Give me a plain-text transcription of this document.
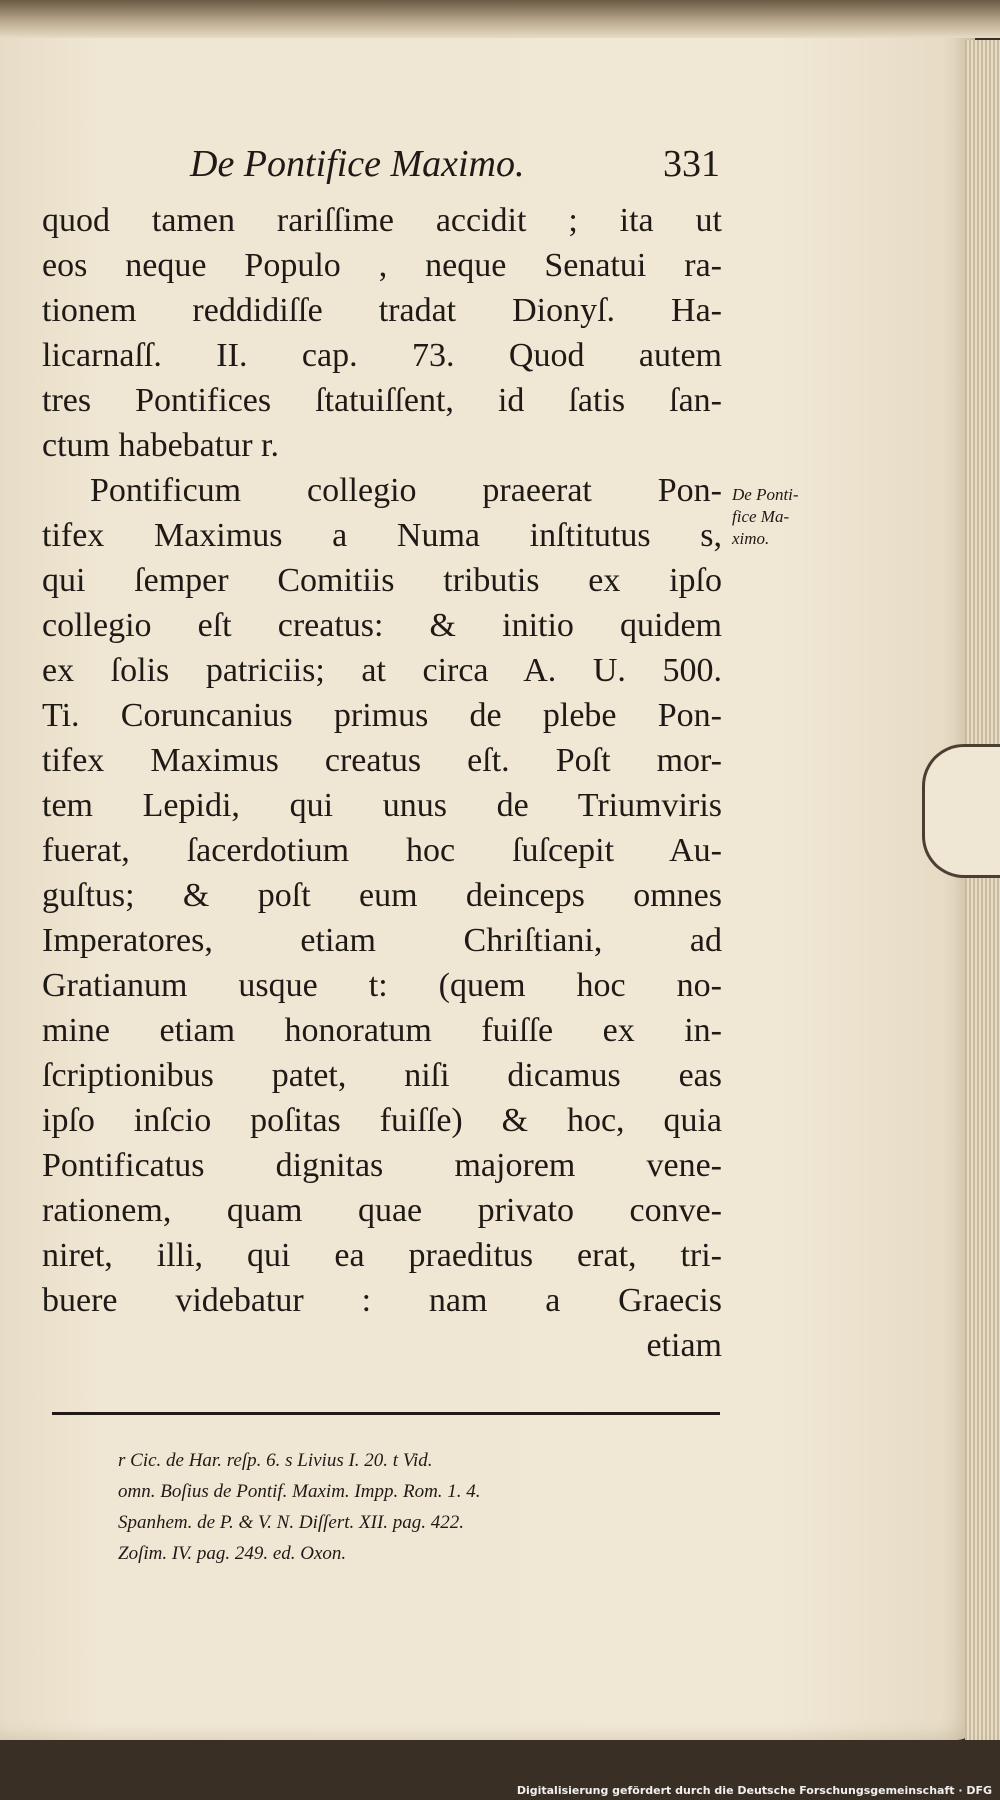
De Pontifice Maximo.	331
quod tamen rariſſime accidit ; ita ut
eos neque Populo , neque Senatui ra-
tionem reddidiſſe tradat Dionyſ. Ha-
licarnaſſ. II. cap. 73. Quod autem
tres Pontifices ſtatuiſſent, id ſatis ſan-
ctum habebatur r.
Pontificum collegio praeerat Pon-
tifex Maximus a Numa inſtitutus s,
qui ſemper Comitiis tributis ex ipſo
collegio eſt creatus: & initio quidem
ex ſolis patriciis; at circa A. U. 500.
Ti. Coruncanius primus de plebe Pon-
tifex Maximus creatus eſt. Poſt mor-
tem Lepidi, qui unus de Triumviris
fuerat, ſacerdotium hoc ſuſcepit Au-
guſtus; & poſt eum deinceps omnes
Imperatores, etiam Chriſtiani, ad
Gratianum usque t: (quem hoc no-
mine etiam honoratum fuiſſe ex in-
ſcriptionibus patet, niſi dicamus eas
ipſo inſcio poſitas fuiſſe) & hoc, quia
Pontificatus dignitas majorem vene-
rationem, quam quae privato conve-
niret, illi, qui ea praeditus erat, tri-
buere videbatur : nam a Graecis
etiam
De Ponti-
fice Ma-
ximo.
r Cic. de Har. reſp. 6. s Livius I. 20. t Vid.
omn. Boſius de Pontif. Maxim. Impp. Rom. 1. 4.
Spanhem. de P. & V. N. Diſſert. XII. pag. 422.
Zoſim. IV. pag. 249. ed. Oxon.
Digitalisierung gefördert durch die Deutsche Forschungsgemeinschaft · DFG
